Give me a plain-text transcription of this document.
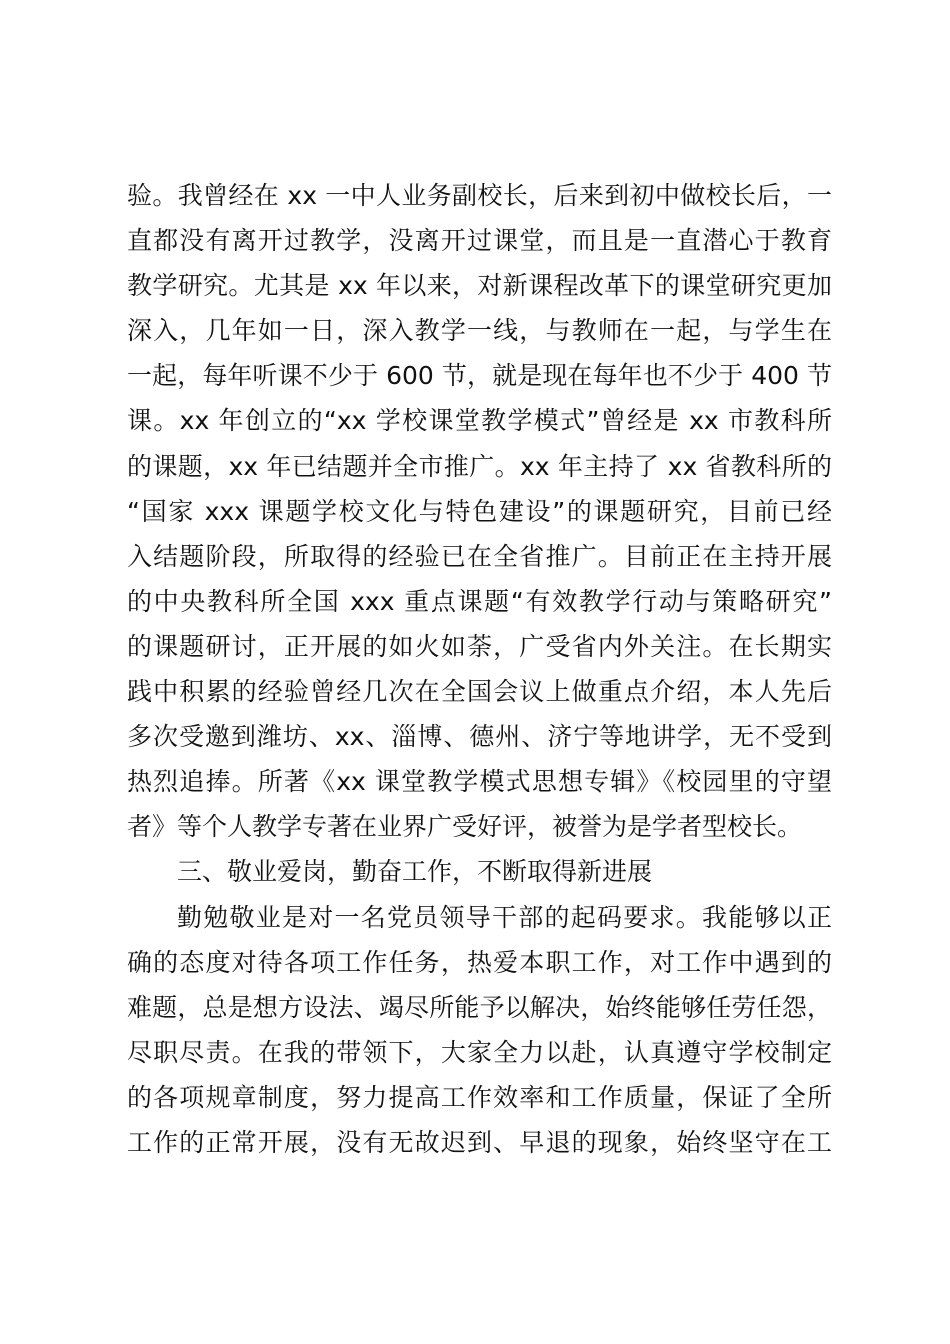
验。我曾经在 xx 一中人业务副校长，后来到初中做校长后，一
直都没有离开过教学，没离开过课堂，而且是一直潜心于教育
教学研究。尤其是 xx 年以来，对新课程改革下的课堂研究更加
深入，几年如一日，深入教学一线，与教师在一起，与学生在
一起，每年听课不少于 600 节，就是现在每年也不少于 400 节
课。xx 年创立的“xx 学校课堂教学模式”曾经是 xx 市教科所
的课题，xx 年已结题并全市推广。xx 年主持了 xx 省教科所的
“国家 xxx 课题学校文化与特色建设”的课题研究，目前已经
入结题阶段，所取得的经验已在全省推广。目前正在主持开展
的中央教科所全国 xxx 重点课题“有效教学行动与策略研究”
的课题研讨，正开展的如火如荼，广受省内外关注。在长期实
践中积累的经验曾经几次在全国会议上做重点介绍，本人先后
多次受邀到潍坊、xx、淄博、德州、济宁等地讲学，无不受到
热烈追捧。所著《xx 课堂教学模式思想专辑》《校园里的守望
者》等个人教学专著在业界广受好评，被誉为是学者型校长。
三、敬业爱岗，勤奋工作，不断取得新进展
勤勉敬业是对一名党员领导干部的起码要求。我能够以正
确的态度对待各项工作任务，热爱本职工作，对工作中遇到的
难题，总是想方设法、竭尽所能予以解决，始终能够任劳任怨，
尽职尽责。在我的带领下，大家全力以赴，认真遵守学校制定
的各项规章制度，努力提高工作效率和工作质量，保证了全所
工作的正常开展，没有无故迟到、早退的现象，始终坚守在工
